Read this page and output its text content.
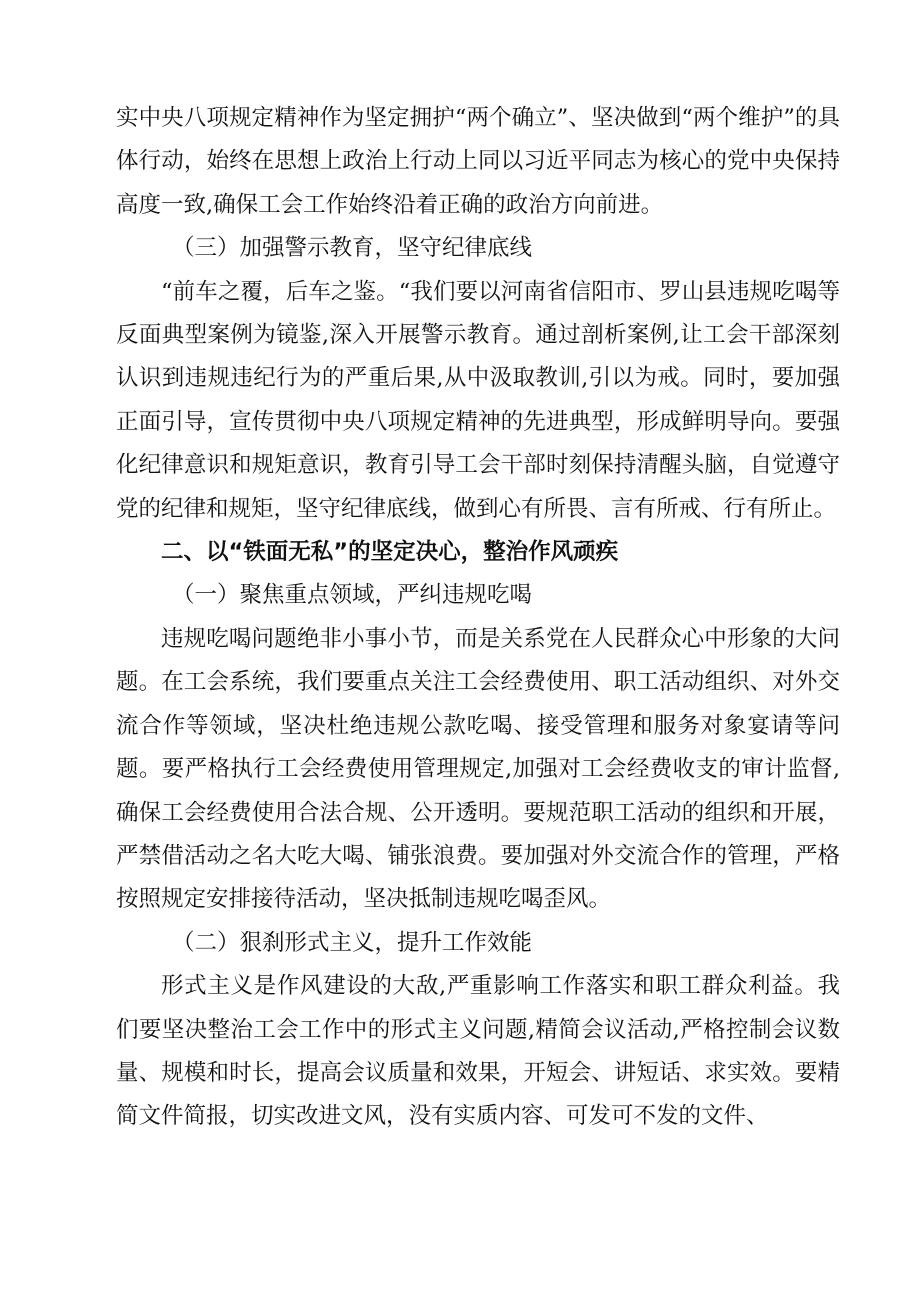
实中央八项规定精神作为坚定拥护“两个确立”、坚决做到“两个维护”的具体行动，始终在思想上政治上行动上同以习近平同志为核心的党中央保持高度一致,确保工会工作始终沿着正确的政治方向前进。

（三）加强警示教育，坚守纪律底线

“前车之覆，后车之鉴。“我们要以河南省信阳市、罗山县违规吃喝等反面典型案例为镜鉴,深入开展警示教育。通过剖析案例,让工会干部深刻认识到违规违纪行为的严重后果,从中汲取教训,引以为戒。同时，要加强正面引导，宣传贯彻中央八项规定精神的先进典型，形成鲜明导向。要强化纪律意识和规矩意识，教育引导工会干部时刻保持清醒头脑，自觉遵守党的纪律和规矩，坚守纪律底线，做到心有所畏、言有所戒、行有所止。

二、以“铁面无私”的坚定决心，整治作风顽疾

（一）聚焦重点领域，严纠违规吃喝

违规吃喝问题绝非小事小节，而是关系党在人民群众心中形象的大问题。在工会系统，我们要重点关注工会经费使用、职工活动组织、对外交流合作等领域，坚决杜绝违规公款吃喝、接受管理和服务对象宴请等问题。要严格执行工会经费使用管理规定,加强对工会经费收支的审计监督,确保工会经费使用合法合规、公开透明。要规范职工活动的组织和开展，严禁借活动之名大吃大喝、铺张浪费。要加强对外交流合作的管理，严格按照规定安排接待活动，坚决抵制违规吃喝歪风。

（二）狠刹形式主义，提升工作效能

形式主义是作风建设的大敌,严重影响工作落实和职工群众利益。我们要坚决整治工会工作中的形式主义问题,精简会议活动,严格控制会议数量、规模和时长，提高会议质量和效果，开短会、讲短话、求实效。要精简文件简报，切实改进文风，没有实质内容、可发可不发的文件、
